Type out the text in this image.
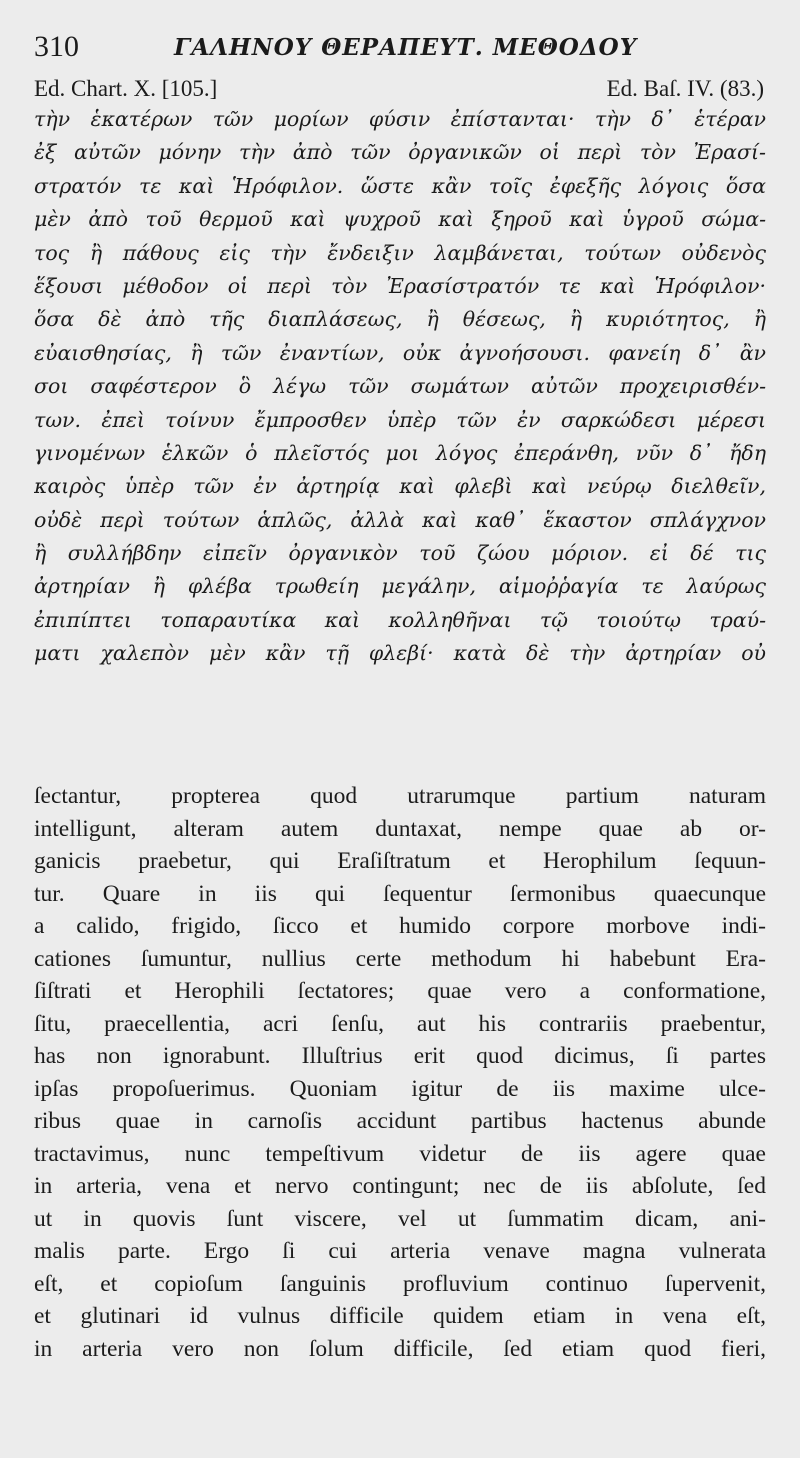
310	ΓΑΛΗΝΟΥ ΘΕΡΑΠΕΥΤ. ΜΕΘΟΔΟΥ
Ed. Chart. X. [105.]	Ed. Baſ. IV. (83.)
τὴν ἑκατέρων τῶν μορίων φύσιν ἐπίστανται· τὴν δ᾽ ἑτέραν
ἐξ αὐτῶν μόνην τὴν ἀπὸ τῶν ὀργανικῶν οἱ περὶ τὸν Ἐρασί-
στρατόν τε καὶ Ἡρόφιλον. ὥστε κἂν τοῖς ἐφεξῆς λόγοις ὅσα
μὲν ἀπὸ τοῦ θερμοῦ καὶ ψυχροῦ καὶ ξηροῦ καὶ ὑγροῦ σώμα-
τος ἢ πάθους εἰς τὴν ἔνδειξιν λαμβάνεται, τούτων οὐδενὸς
ἕξουσι μέθοδον οἱ περὶ τὸν Ἐρασίστρατόν τε καὶ Ἡρόφιλον·
ὅσα δὲ ἀπὸ τῆς διαπλάσεως, ἢ θέσεως, ἢ κυριότητος, ἢ
εὐαισθησίας, ἢ τῶν ἐναντίων, οὐκ ἀγνοήσουσι. φανείη δ᾽ ἂν
σοι σαφέστερον ὃ λέγω τῶν σωμάτων αὐτῶν προχειρισθέν-
των. ἐπεὶ τοίνυν ἔμπροσθεν ὑπὲρ τῶν ἐν σαρκώδεσι μέρεσι
γινομένων ἑλκῶν ὁ πλεῖστός μοι λόγος ἐπεράνθη, νῦν δ᾽ ἤδη
καιρὸς ὑπὲρ τῶν ἐν ἀρτηρίᾳ καὶ φλεβὶ καὶ νεύρῳ διελθεῖν,
οὐδὲ περὶ τούτων ἁπλῶς, ἀλλὰ καὶ καθ᾽ ἕκαστον σπλάγχνον
ἢ συλλήβδην εἰπεῖν ὀργανικὸν τοῦ ζώου μόριον. εἰ δέ τις
ἀρτηρίαν ἢ φλέβα τρωθείη μεγάλην, αἱμοῤῥαγία τε λαύρως
ἐπιπίπτει τοπαραυτίκα καὶ κολληθῆναι τῷ τοιούτῳ τραύ-
ματι χαλεπὸν μὲν κἂν τῇ φλεβί· κατὰ δὲ τὴν ἀρτηρίαν οὐ
ſectantur, propterea quod utrarumque partium naturam
intelligunt, alteram autem duntaxat, nempe quae ab or-
ganicis praebetur, qui Eraſiſtratum et Herophilum ſequun-
tur. Quare in iis qui ſequentur ſermonibus quaecunque
a calido, frigido, ſicco et humido corpore morbove indi-
cationes ſumuntur, nullius certe methodum hi habebunt Era-
ſiſtrati et Herophili ſectatores; quae vero a conformatione,
ſitu, praecellentia, acri ſenſu, aut his contrariis praebentur,
has non ignorabunt. Illuſtrius erit quod dicimus, ſi partes
ipſas propoſuerimus. Quoniam igitur de iis maxime ulce-
ribus quae in carnoſis accidunt partibus hactenus abunde
tractavimus, nunc tempeſtivum videtur de iis agere quae
in arteria, vena et nervo contingunt; nec de iis abſolute, ſed
ut in quovis ſunt viscere, vel ut ſummatim dicam, ani-
malis parte. Ergo ſi cui arteria venave magna vulnerata
eſt, et copioſum ſanguinis profluvium continuo ſupervenit,
et glutinari id vulnus difficile quidem etiam in vena eſt,
in arteria vero non ſolum difficile, ſed etiam quod fieri,
